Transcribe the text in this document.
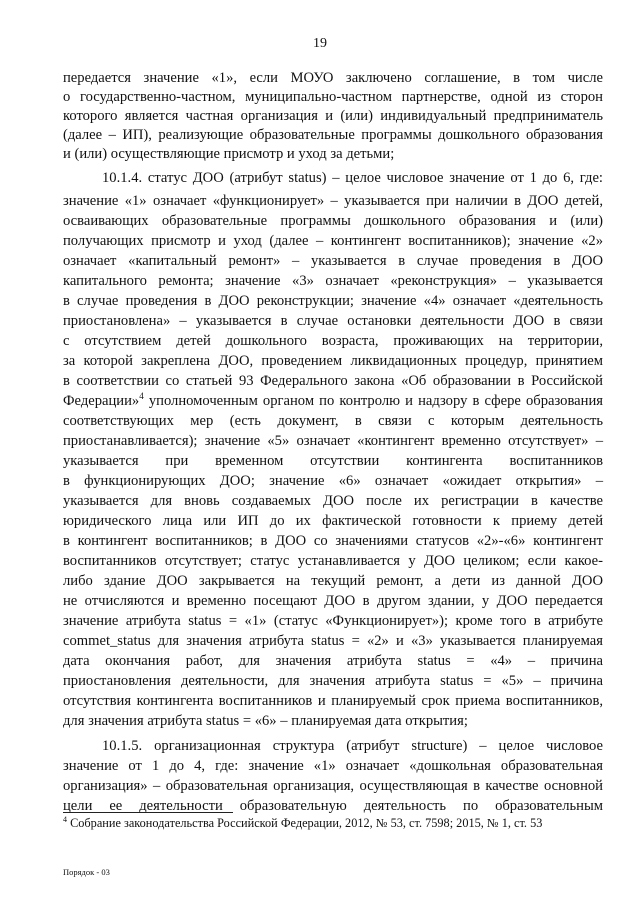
19
передается значение «1», если МОУО заключено соглашение, в том числе
о государственно-частном, муниципально-частном партнерстве, одной из сторон
которого является частная организация и (или) индивидуальный предприниматель
(далее – ИП), реализующие образовательные программы дошкольного образования
и (или) осуществляющие присмотр и уход за детьми;
10.1.4. статус ДОО (атрибут status) – целое числовое значение от 1 до 6, где:
значение «1» означает «функционирует» – указывается при наличии в ДОО детей,
осваивающих образовательные программы дошкольного образования и (или)
получающих присмотр и уход (далее – контингент воспитанников); значение «2»
означает «капитальный ремонт» – указывается в случае проведения в ДОО
капитального ремонта; значение «3» означает «реконструкция» – указывается
в случае проведения в ДОО реконструкции; значение «4» означает «деятельность
приостановлена» – указывается в случае остановки деятельности ДОО в связи
с отсутствием детей дошкольного возраста, проживающих на территории,
за которой закреплена ДОО, проведением ликвидационных процедур, принятием
в соответствии со статьей 93 Федерального закона «Об образовании в Российской
Федерации»$^4$ уполномоченным органом по контролю и надзору в сфере образования
соответствующих мер (есть документ, в связи с которым деятельность
приостанавливается); значение «5» означает «контингент временно отсутствует» –
указывается при временном отсутствии контингента воспитанников
в функционирующих ДОО; значение «6» означает «ожидает открытия» –
указывается для вновь создаваемых ДОО после их регистрации в качестве
юридического лица или ИП до их фактической готовности к приему детей
в контингент воспитанников; в ДОО со значениями статусов «2»-«6» контингент
воспитанников отсутствует; статус устанавливается у ДОО целиком; если какое-
либо здание ДОО закрывается на текущий ремонт, а дети из данной ДОО
не отчисляются и временно посещают ДОО в другом здании, у ДОО передается
значение атрибута status = «1» (статус «Функционирует»); кроме того в атрибуте
commet_status для значения атрибута status = «2» и «3» указывается планируемая
дата окончания работ, для значения атрибута status = «4» – причина
приостановления деятельности, для значения атрибута status = «5» – причина
отсутствия контингента воспитанников и планируемый срок приема воспитанников,
для значения атрибута status = «6» – планируемая дата открытия;
10.1.5. организационная структура (атрибут structure) – целое числовое
значение от 1 до 4, где: значение «1» означает «дошкольная образовательная
организация» – образовательная организация, осуществляющая в качестве основной
цели ее деятельности образовательную деятельность по образовательным
$^4$ Собрание законодательства Российской Федерации, 2012, № 53, ст. 7598; 2015, № 1, ст. 53
Порядок - 03
